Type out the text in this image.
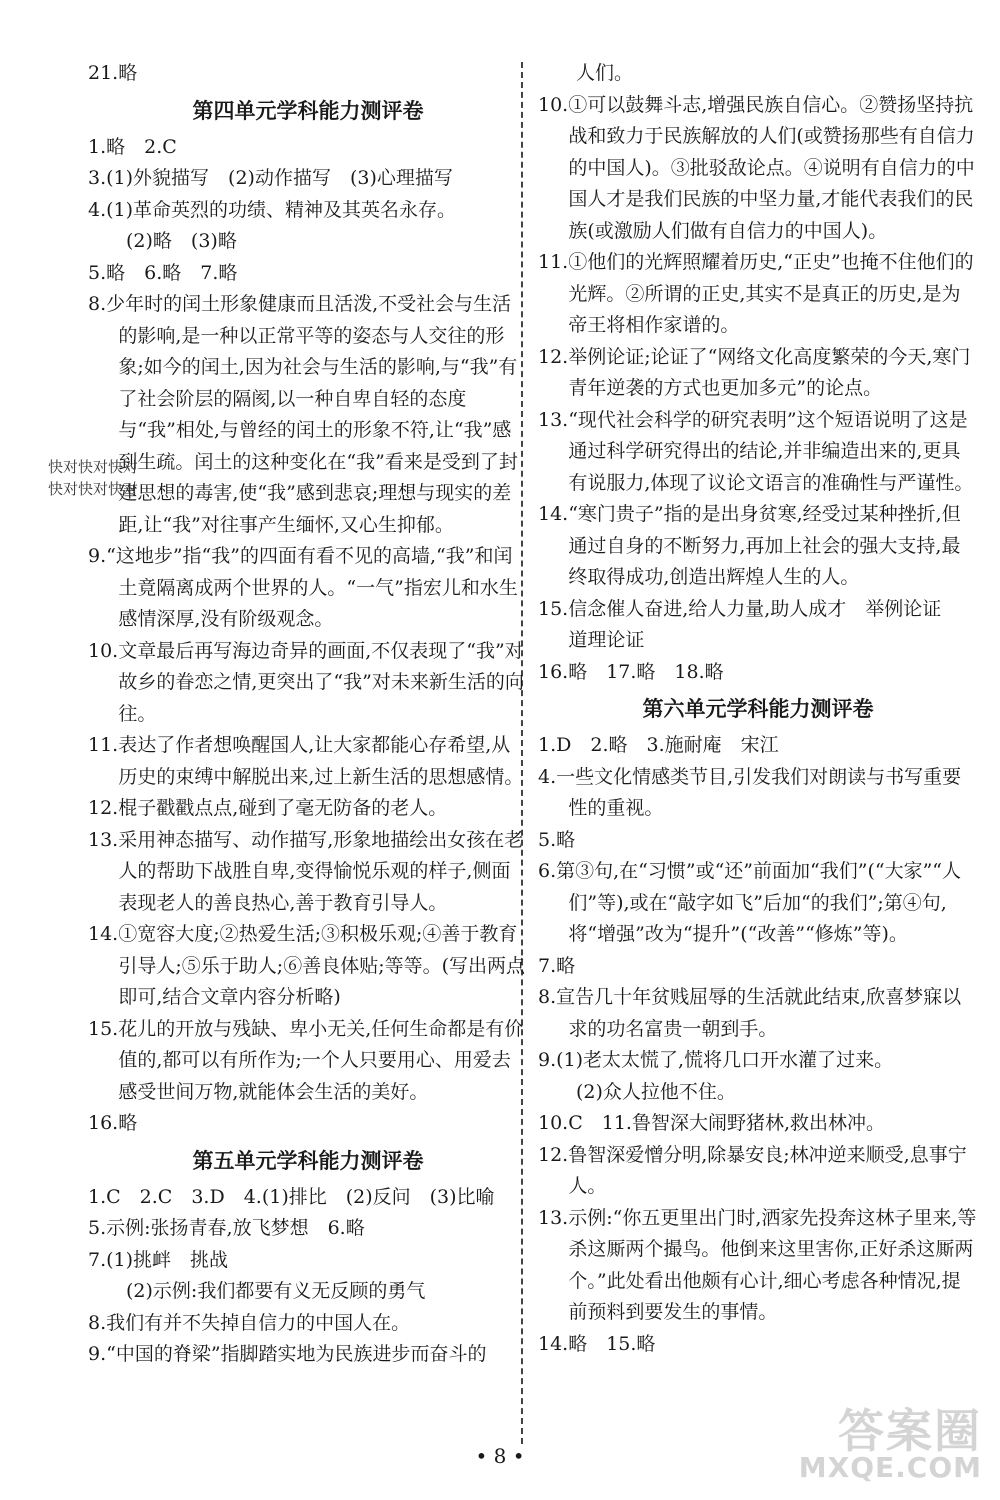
21.略
第四单元学科能力测评卷
1.略　2.C
3.(1)外貌描写　(2)动作描写　(3)心理描写
4.(1)革命英烈的功绩、精神及其英名永存。
(2)略　(3)略
5.略　6.略　7.略
8.少年时的闰土形象健康而且活泼,不受社会与生活的影响,是一种以正常平等的姿态与人交往的形象;如今的闰土,因为社会与生活的影响,与“我”有了社会阶层的隔阂,以一种自卑自轻的态度与“我”相处,与曾经的闰土的形象不符,让“我”感到生疏。闰土的这种变化在“我”看来是受到了封建思想的毒害,使“我”感到悲哀;理想与现实的差距,让“我”对往事产生缅怀,又心生抑郁。
9.“这地步”指“我”的四面有看不见的高墙,“我”和闰土竟隔离成两个世界的人。“一气”指宏儿和水生感情深厚,没有阶级观念。
10.文章最后再写海边奇异的画面,不仅表现了“我”对故乡的眷恋之情,更突出了“我”对未来新生活的向往。
11.表达了作者想唤醒国人,让大家都能心存希望,从历史的束缚中解脱出来,过上新生活的思想感情。
12.棍子戳戳点点,碰到了毫无防备的老人。
13.采用神态描写、动作描写,形象地描绘出女孩在老人的帮助下战胜自卑,变得愉悦乐观的样子,侧面表现老人的善良热心,善于教育引导人。
14.①宽容大度;②热爱生活;③积极乐观;④善于教育引导人;⑤乐于助人;⑥善良体贴;等等。(写出两点即可,结合文章内容分析略)
15.花儿的开放与残缺、卑小无关,任何生命都是有价值的,都可以有所作为;一个人只要用心、用爱去感受世间万物,就能体会生活的美好。
16.略
第五单元学科能力测评卷
1.C　2.C　3.D　4.(1)排比　(2)反问　(3)比喻
5.示例:张扬青春,放飞梦想　6.略
7.(1)挑衅　挑战
(2)示例:我们都要有义无反顾的勇气
8.我们有并不失掉自信力的中国人在。
9.“中国的脊梁”指脚踏实地为民族进步而奋斗的
人们。
10.①可以鼓舞斗志,增强民族自信心。②赞扬坚持抗战和致力于民族解放的人们(或赞扬那些有自信力的中国人)。③批驳敌论点。④说明有自信力的中国人才是我们民族的中坚力量,才能代表我们的民族(或激励人们做有自信力的中国人)。
11.①他们的光辉照耀着历史,“正史”也掩不住他们的光辉。②所谓的正史,其实不是真正的历史,是为帝王将相作家谱的。
12.举例论证;论证了“网络文化高度繁荣的今天,寒门青年逆袭的方式也更加多元”的论点。
13.“现代社会科学的研究表明”这个短语说明了这是通过科学研究得出的结论,并非编造出来的,更具有说服力,体现了议论文语言的准确性与严谨性。
14.“寒门贵子”指的是出身贫寒,经受过某种挫折,但通过自身的不断努力,再加上社会的强大支持,最终取得成功,创造出辉煌人生的人。
15.信念催人奋进,给人力量,助人成才　举例论证　道理论证
16.略　17.略　18.略
第六单元学科能力测评卷
1.D　2.略　3.施耐庵　宋江
4.一些文化情感类节目,引发我们对朗读与书写重要性的重视。
5.略
6.第③句,在“习惯”或“还”前面加“我们”(“大家”“人们”等),或在“敲字如飞”后加“的我们”;第④句,将“增强”改为“提升”(“改善”“修炼”等)。
7.略
8.宣告几十年贫贱屈辱的生活就此结束,欣喜梦寐以求的功名富贵一朝到手。
9.(1)老太太慌了,慌将几口开水灌了过来。
(2)众人拉他不住。
10.C　11.鲁智深大闹野猪林,救出林冲。
12.鲁智深爱憎分明,除暴安良;林冲逆来顺受,息事宁人。
13.示例:“你五更里出门时,洒家先投奔这林子里来,等杀这厮两个撮鸟。他倒来这里害你,正好杀这厮两个。”此处看出他颇有心计,细心考虑各种情况,提前预料到要发生的事情。
14.略　15.略
快对快对快对
快对快对快对
• 8 •	答案圈
MXQE.COM
